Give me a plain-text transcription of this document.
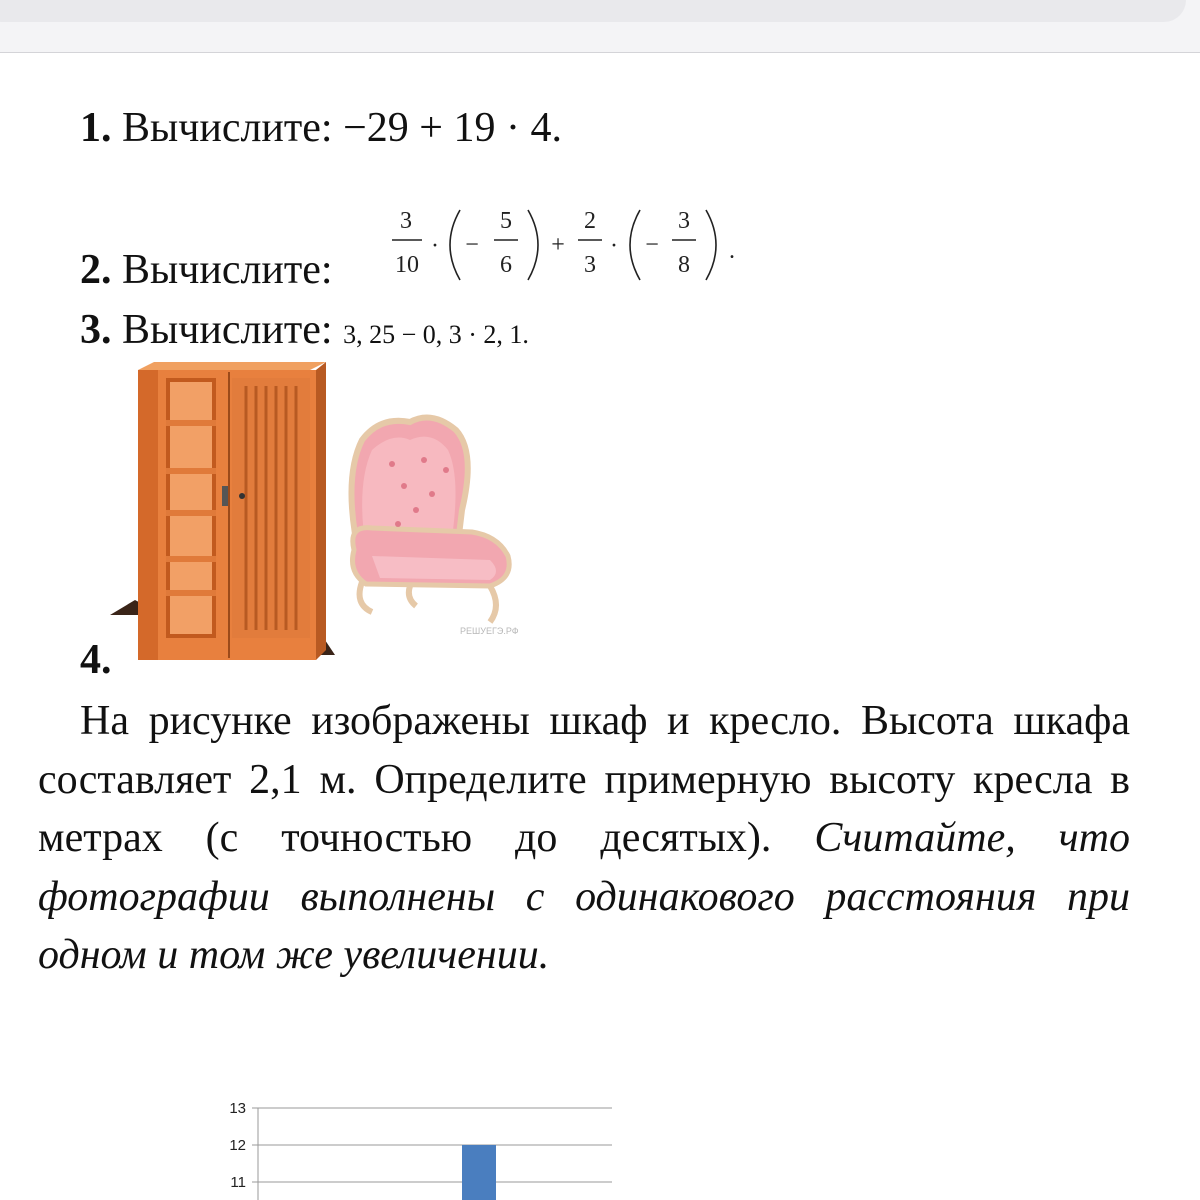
1. Вычислите: −29 + 19 · 4.
3
10
· −
5
6
+
2
3
· −
3
8
.
2. Вычислите:
3. Вычислите: 3, 25 − 0, 3 · 2, 1.
РЕШУЕГЭ.РФ
4.
На рисунке изображены шкаф и кресло. Высота шкафа составляет 2,1 м. Определите примерную высоту кресла в метрах (с точностью до десятых). Считайте, что фотографии выполнены с одинакового расстояния при одном и том же увеличении.
11
12
13
